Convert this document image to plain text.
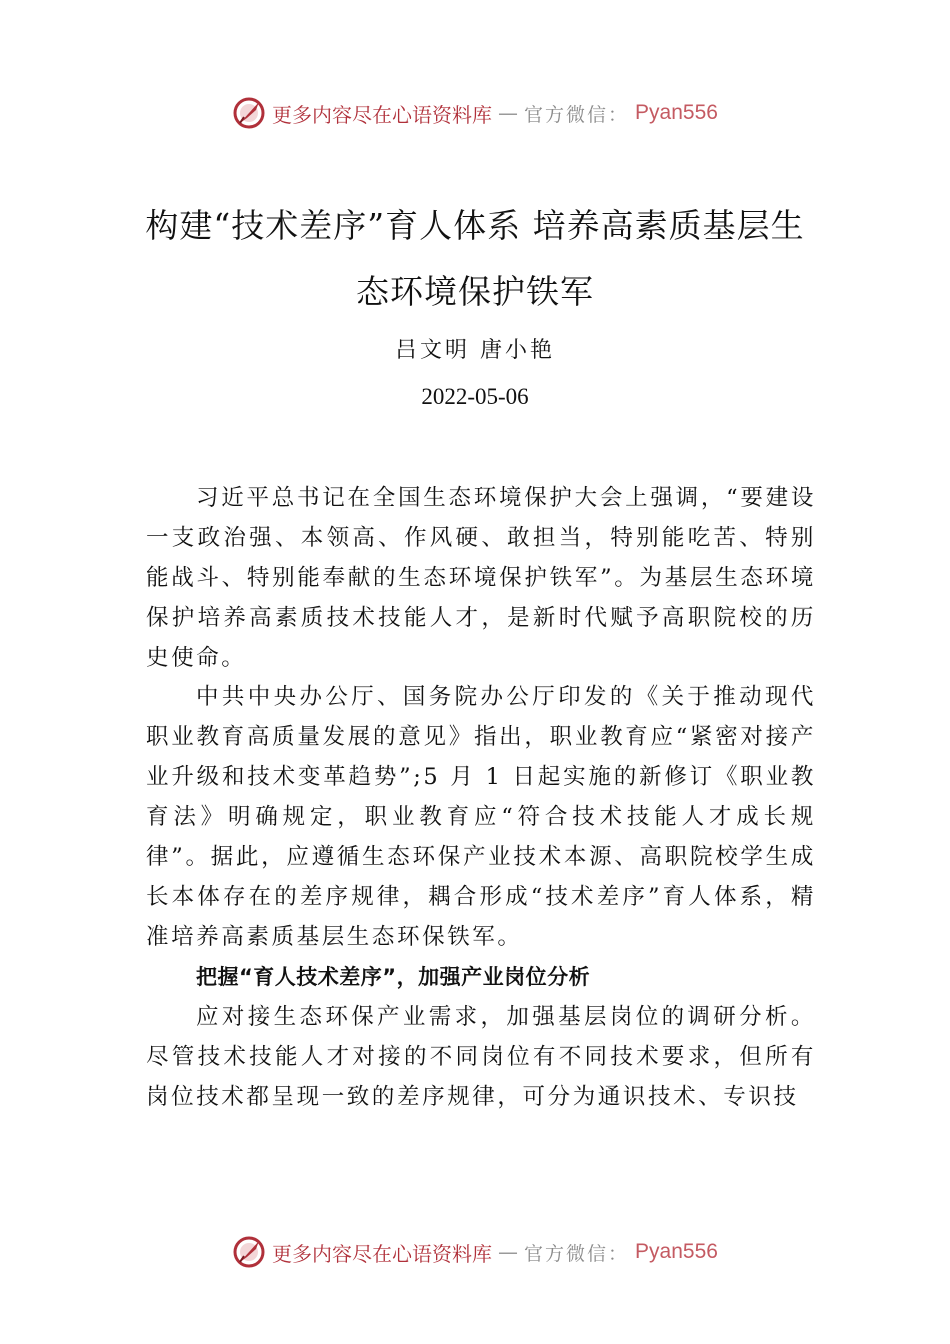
更多内容尽在心语资料库 — 官方微信： Pyan556
构建“技术差序”育人体系 培养高素质基层生态环境保护铁军
吕文明 唐小艳
2022-05-06

习近平总书记在全国生态环境保护大会上强调，“要建设一支政治强、本领高、作风硬、敢担当，特别能吃苦、特别能战斗、特别能奉献的生态环境保护铁军”。为基层生态环境保护培养高素质技术技能人才，是新时代赋予高职院校的历史使命。

中共中央办公厅、国务院办公厅印发的《关于推动现代职业教育高质量发展的意见》指出，职业教育应“紧密对接产业升级和技术变革趋势”;5 月 1 日起实施的新修订《职业教育法》明确规定，职业教育应“符合技术技能人才成长规律”。据此，应遵循生态环保产业技术本源、高职院校学生成长本体存在的差序规律，耦合形成“技术差序”育人体系，精准培养高素质基层生态环保铁军。

把握“育人技术差序”，加强产业岗位分析

应对接生态环保产业需求，加强基层岗位的调研分析。尽管技术技能人才对接的不同岗位有不同技术要求，但所有岗位技术都呈现一致的差序规律，可分为通识技术、专识技

更多内容尽在心语资料库 — 官方微信： Pyan556
